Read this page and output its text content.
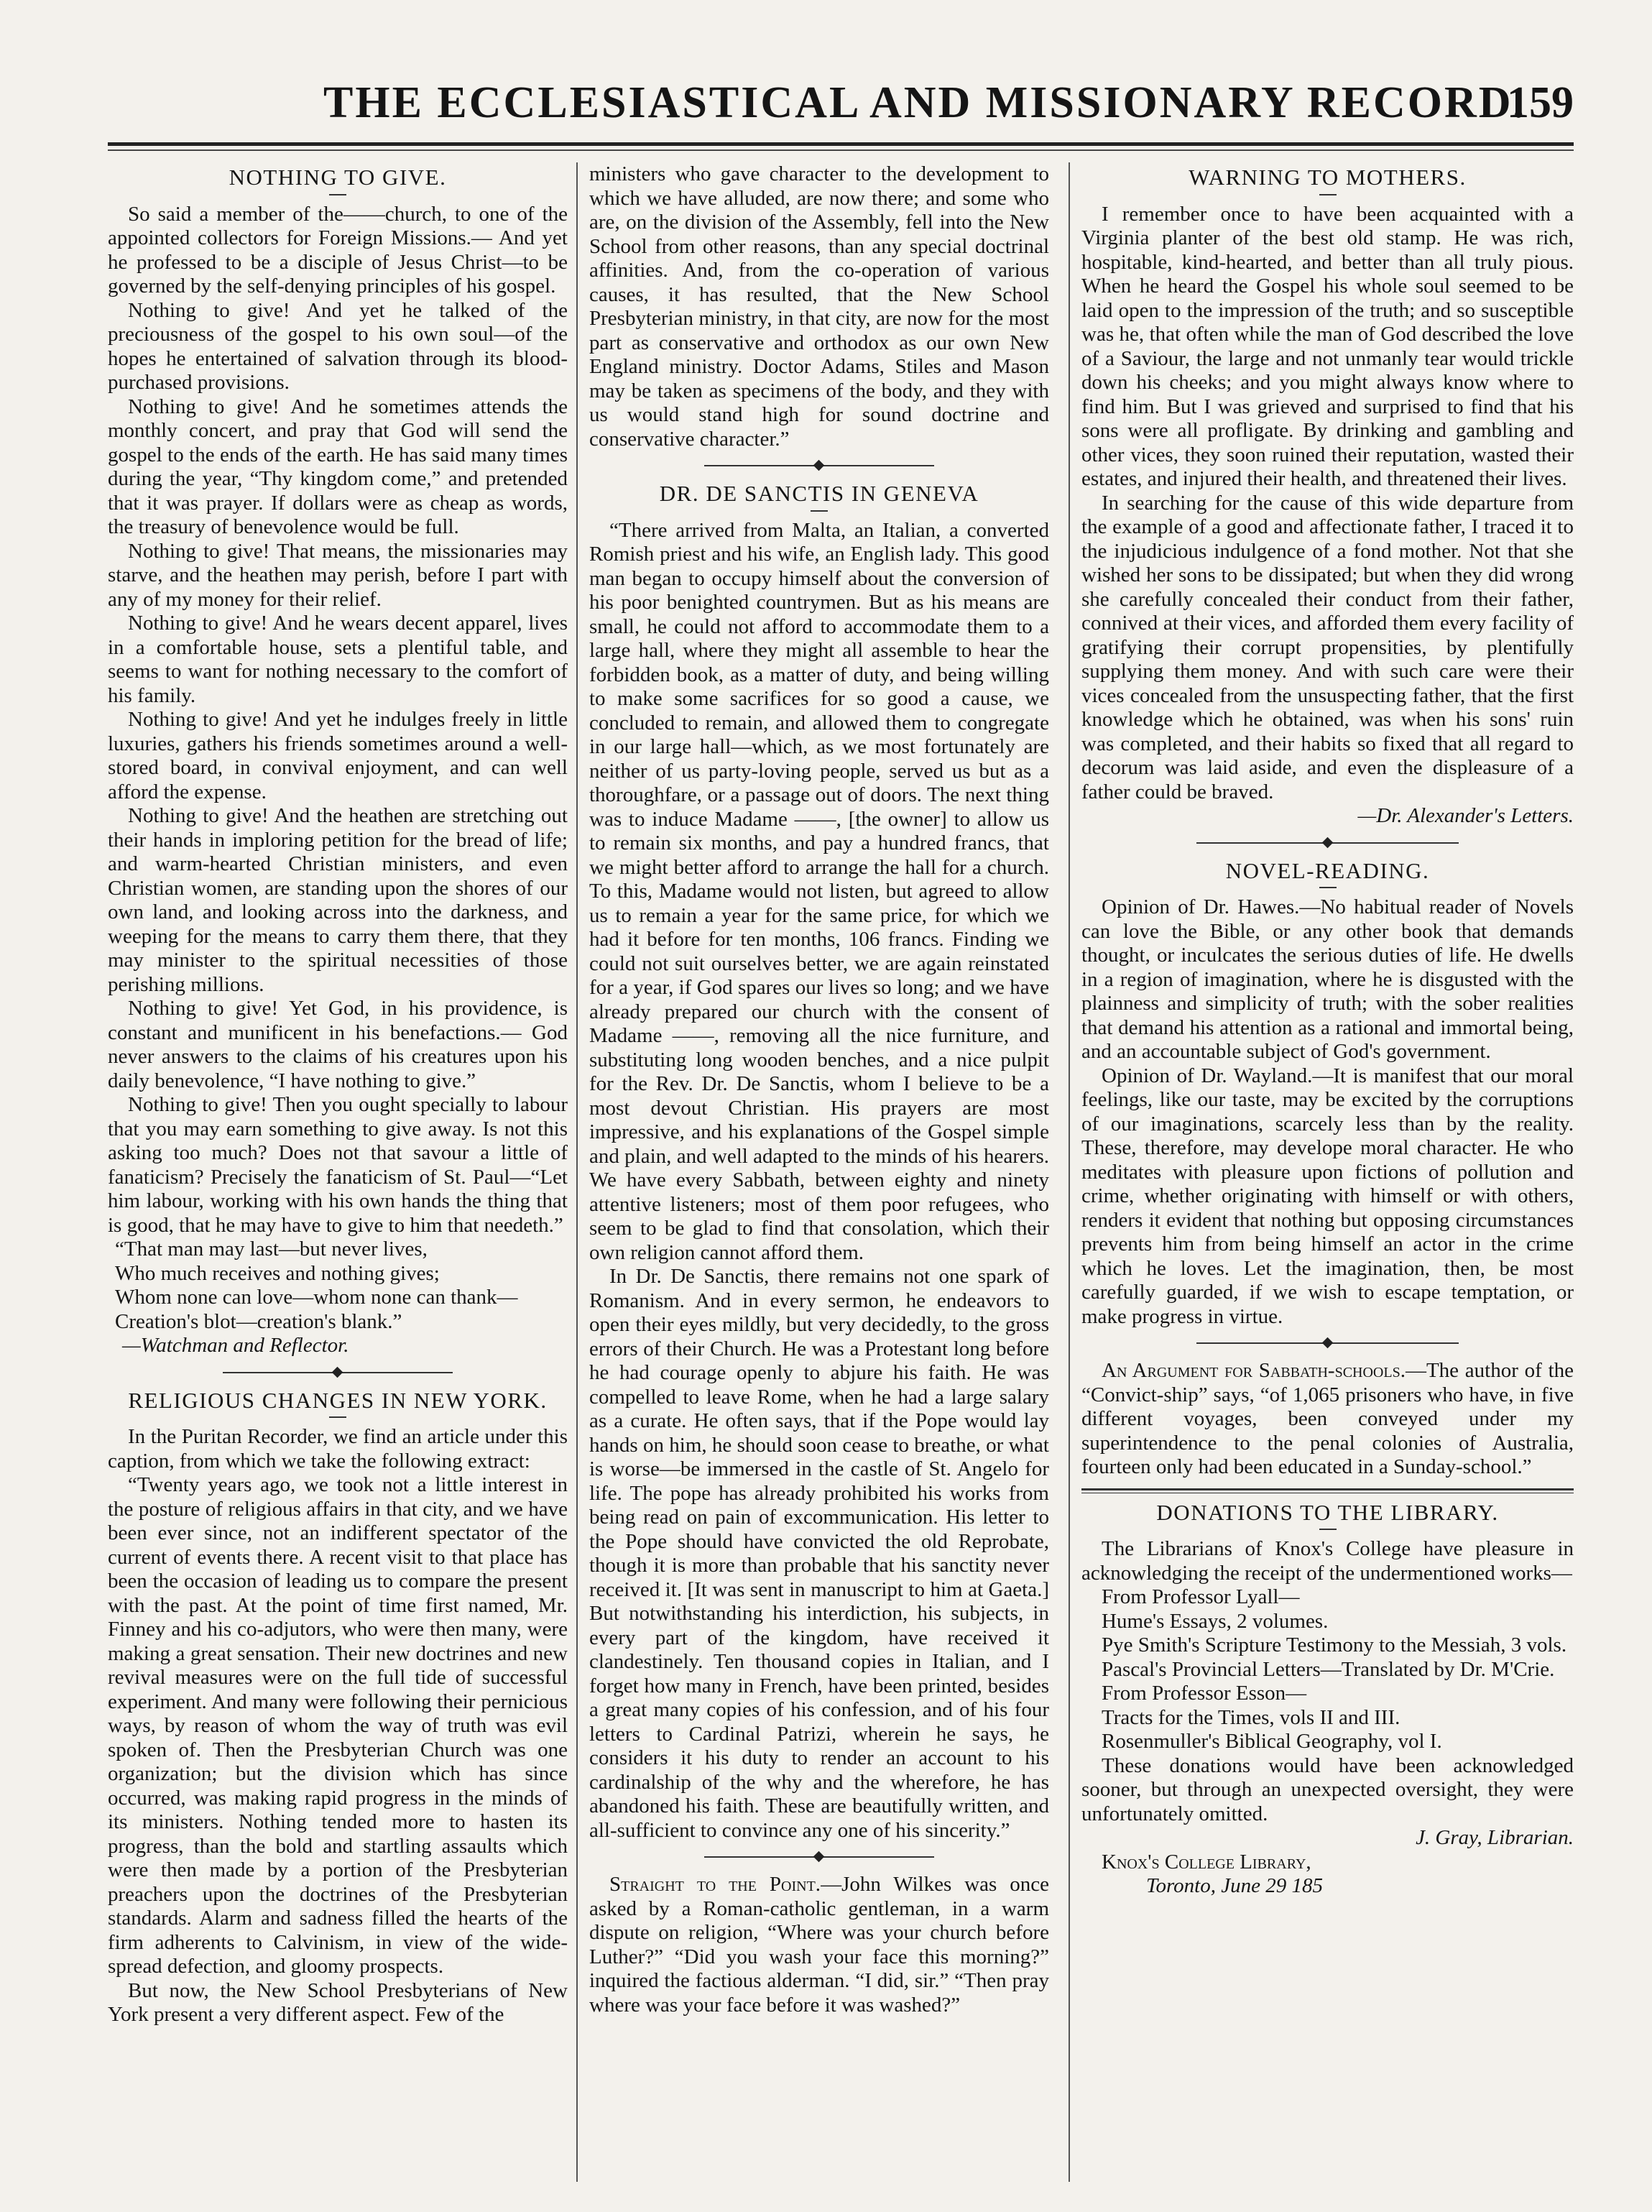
THE ECCLESIASTICAL AND MISSIONARY RECORD.
159
NOTHING TO GIVE.

So said a member of the——church, to one of the appointed collectors for Foreign Missions.— And yet he professed to be a disciple of Jesus Christ—to be governed by the self-denying principles of his gospel.

Nothing to give! And yet he talked of the preciousness of the gospel to his own soul—of the hopes he entertained of salvation through its blood-purchased provisions.

Nothing to give! And he sometimes attends the monthly concert, and pray that God will send the gospel to the ends of the earth. He has said many times during the year, “Thy kingdom come,” and pretended that it was prayer. If dollars were as cheap as words, the treasury of benevolence would be full.

Nothing to give! That means, the missionaries may starve, and the heathen may perish, before I part with any of my money for their relief.

Nothing to give! And he wears decent apparel, lives in a comfortable house, sets a plentiful table, and seems to want for nothing necessary to the comfort of his family.

Nothing to give! And yet he indulges freely in little luxuries, gathers his friends sometimes around a well-stored board, in convival enjoyment, and can well afford the expense.

Nothing to give! And the heathen are stretching out their hands in imploring petition for the bread of life; and warm-hearted Christian ministers, and even Christian women, are standing upon the shores of our own land, and looking across into the darkness, and weeping for the means to carry them there, that they may minister to the spiritual necessities of those perishing millions.

Nothing to give! Yet God, in his providence, is constant and munificent in his benefactions.— God never answers to the claims of his creatures upon his daily benevolence, “I have nothing to give.”

Nothing to give! Then you ought specially to labour that you may earn something to give away. Is not this asking too much? Does not that savour a little of fanaticism? Precisely the fanaticism of St. Paul—“Let him labour, working with his own hands the thing that is good, that he may have to give to him that needeth.”

“That man may last—but never lives,

Who much receives and nothing gives;

Whom none can love—whom none can thank—

Creation's blot—creation's blank.”

—Watchman and Reflector.

RELIGIOUS CHANGES IN NEW YORK.

In the Puritan Recorder, we find an article under this caption, from which we take the following extract:

“Twenty years ago, we took not a little interest in the posture of religious affairs in that city, and we have been ever since, not an indifferent spectator of the current of events there. A recent visit to that place has been the occasion of leading us to compare the present with the past. At the point of time first named, Mr. Finney and his co-adjutors, who were then many, were making a great sensation. Their new doctrines and new revival measures were on the full tide of successful experiment. And many were following their pernicious ways, by reason of whom the way of truth was evil spoken of. Then the Presbyterian Church was one organization; but the division which has since occurred, was making rapid progress in the minds of its ministers. Nothing tended more to hasten its progress, than the bold and startling assaults which were then made by a portion of the Presbyterian preachers upon the doctrines of the Presbyterian standards. Alarm and sadness filled the hearts of the firm adherents to Calvinism, in view of the wide-spread defection, and gloomy prospects.

But now, the New School Presbyterians of New York present a very different aspect. Few of the

ministers who gave character to the development to which we have alluded, are now there; and some who are, on the division of the Assembly, fell into the New School from other reasons, than any special doctrinal affinities. And, from the co-operation of various causes, it has resulted, that the New School Presbyterian ministry, in that city, are now for the most part as conservative and orthodox as our own New England ministry. Doctor Adams, Stiles and Mason may be taken as specimens of the body, and they with us would stand high for sound doctrine and conservative character.”

DR. DE SANCTIS IN GENEVA

“There arrived from Malta, an Italian, a converted Romish priest and his wife, an English lady. This good man began to occupy himself about the conversion of his poor benighted countrymen. But as his means are small, he could not afford to accommodate them to a large hall, where they might all assemble to hear the forbidden book, as a matter of duty, and being willing to make some sacrifices for so good a cause, we concluded to remain, and allowed them to congregate in our large hall—which, as we most fortunately are neither of us party-loving people, served us but as a thoroughfare, or a passage out of doors. The next thing was to induce Madame ——, [the owner] to allow us to remain six months, and pay a hundred francs, that we might better afford to arrange the hall for a church. To this, Madame would not listen, but agreed to allow us to remain a year for the same price, for which we had it before for ten months, 106 francs. Finding we could not suit ourselves better, we are again reinstated for a year, if God spares our lives so long; and we have already prepared our church with the consent of Madame ——, removing all the nice furniture, and substituting long wooden benches, and a nice pulpit for the Rev. Dr. De Sanctis, whom I believe to be a most devout Christian. His prayers are most impressive, and his explanations of the Gospel simple and plain, and well adapted to the minds of his hearers. We have every Sabbath, between eighty and ninety attentive listeners; most of them poor refugees, who seem to be glad to find that consolation, which their own religion cannot afford them.

In Dr. De Sanctis, there remains not one spark of Romanism. And in every sermon, he endeavors to open their eyes mildly, but very decidedly, to the gross errors of their Church. He was a Protestant long before he had courage openly to abjure his faith. He was compelled to leave Rome, when he had a large salary as a curate. He often says, that if the Pope would lay hands on him, he should soon cease to breathe, or what is worse—be immersed in the castle of St. Angelo for life. The pope has already prohibited his works from being read on pain of excommunication. His letter to the Pope should have convicted the old Reprobate, though it is more than probable that his sanctity never received it. [It was sent in manuscript to him at Gaeta.] But notwithstanding his interdiction, his subjects, in every part of the kingdom, have received it clandestinely. Ten thousand copies in Italian, and I forget how many in French, have been printed, besides a great many copies of his confession, and of his four letters to Cardinal Patrizi, wherein he says, he considers it his duty to render an account to his cardinalship of the why and the wherefore, he has abandoned his faith. These are beautifully written, and all-sufficient to convince any one of his sincerity.”

Straight to the Point.—John Wilkes was once asked by a Roman-catholic gentleman, in a warm dispute on religion, “Where was your church before Luther?” “Did you wash your face this morning?” inquired the factious alderman. “I did, sir.” “Then pray where was your face before it was washed?”

WARNING TO MOTHERS.

I remember once to have been acquainted with a Virginia planter of the best old stamp. He was rich, hospitable, kind-hearted, and better than all truly pious. When he heard the Gospel his whole soul seemed to be laid open to the impression of the truth; and so susceptible was he, that often while the man of God described the love of a Saviour, the large and not unmanly tear would trickle down his cheeks; and you might always know where to find him. But I was grieved and surprised to find that his sons were all profligate. By drinking and gambling and other vices, they soon ruined their reputation, wasted their estates, and injured their health, and threatened their lives.

In searching for the cause of this wide departure from the example of a good and affectionate father, I traced it to the injudicious indulgence of a fond mother. Not that she wished her sons to be dissipated; but when they did wrong she carefully concealed their conduct from their father, connived at their vices, and afforded them every facility of gratifying their corrupt propensities, by plentifully supplying them money. And with such care were their vices concealed from the unsuspecting father, that the first knowledge which he obtained, was when his sons' ruin was completed, and their habits so fixed that all regard to decorum was laid aside, and even the displeasure of a father could be braved.

—Dr. Alexander's Letters.

NOVEL-READING.

Opinion of Dr. Hawes.—No habitual reader of Novels can love the Bible, or any other book that demands thought, or inculcates the serious duties of life. He dwells in a region of imagination, where he is disgusted with the plainness and simplicity of truth; with the sober realities that demand his attention as a rational and immortal being, and an accountable subject of God's government.

Opinion of Dr. Wayland.—It is manifest that our moral feelings, like our taste, may be excited by the corruptions of our imaginations, scarcely less than by the reality. These, therefore, may develope moral character. He who meditates with pleasure upon fictions of pollution and crime, whether originating with himself or with others, renders it evident that nothing but opposing circumstances prevents him from being himself an actor in the crime which he loves. Let the imagination, then, be most carefully guarded, if we wish to escape temptation, or make progress in virtue.

An Argument for Sabbath-schools.—The author of the “Convict-ship” says, “of 1,065 prisoners who have, in five different voyages, been conveyed under my superintendence to the penal colonies of Australia, fourteen only had been educated in a Sunday-school.”

DONATIONS TO THE LIBRARY.

The Librarians of Knox's College have pleasure in acknowledging the receipt of the undermentioned works—

From Professor Lyall—

Hume's Essays, 2 volumes.

Pye Smith's Scripture Testimony to the Messiah, 3 vols.

Pascal's Provincial Letters—Translated by Dr. M'Crie.

From Professor Esson—

Tracts for the Times, vols II and III.

Rosenmuller's Biblical Geography, vol I.

These donations would have been acknowledged sooner, but through an unexpected oversight, they were unfortunately omitted.

J. Gray, Librarian.

Knox's College Library,

Toronto, June 29 185
